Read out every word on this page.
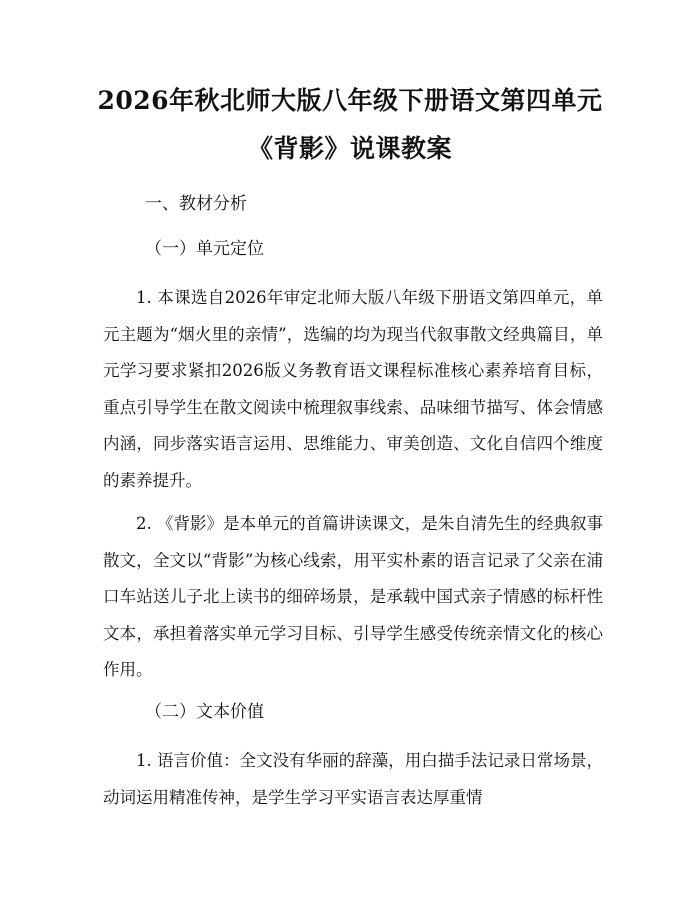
2026年秋北师大版八年级下册语文第四单元
《背影》说课教案
一、教材分析
（一）单元定位
1. 本课选自2026年审定北师大版八年级下册语文第四单元，单元主题为“烟火里的亲情”，选编的均为现当代叙事散文经典篇目，单元学习要求紧扣2026版义务教育语文课程标准核心素养培育目标，重点引导学生在散文阅读中梳理叙事线索、品味细节描写、体会情感内涵，同步落实语言运用、思维能力、审美创造、文化自信四个维度的素养提升。
2. 《背影》是本单元的首篇讲读课文，是朱自清先生的经典叙事散文，全文以“背影”为核心线索，用平实朴素的语言记录了父亲在浦口车站送儿子北上读书的细碎场景，是承载中国式亲子情感的标杆性文本，承担着落实单元学习目标、引导学生感受传统亲情文化的核心作用。
（二）文本价值
1. 语言价值：全文没有华丽的辞藻，用白描手法记录日常场景，动词运用精准传神，是学生学习平实语言表达厚重情
